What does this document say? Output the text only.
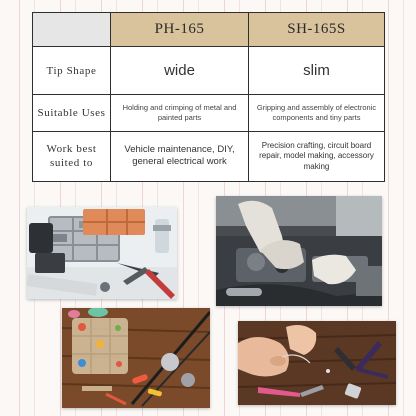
	PH-165	SH-165S
Tip Shape	wide	slim
Suitable Uses	Holding and crimping of metal and painted parts	Gripping and assembly of electronic components and tiny parts
Work best suited to	Vehicle maintenance, DIY, general electrical work	Precision crafting, circuit board repair, model making, accessory making
